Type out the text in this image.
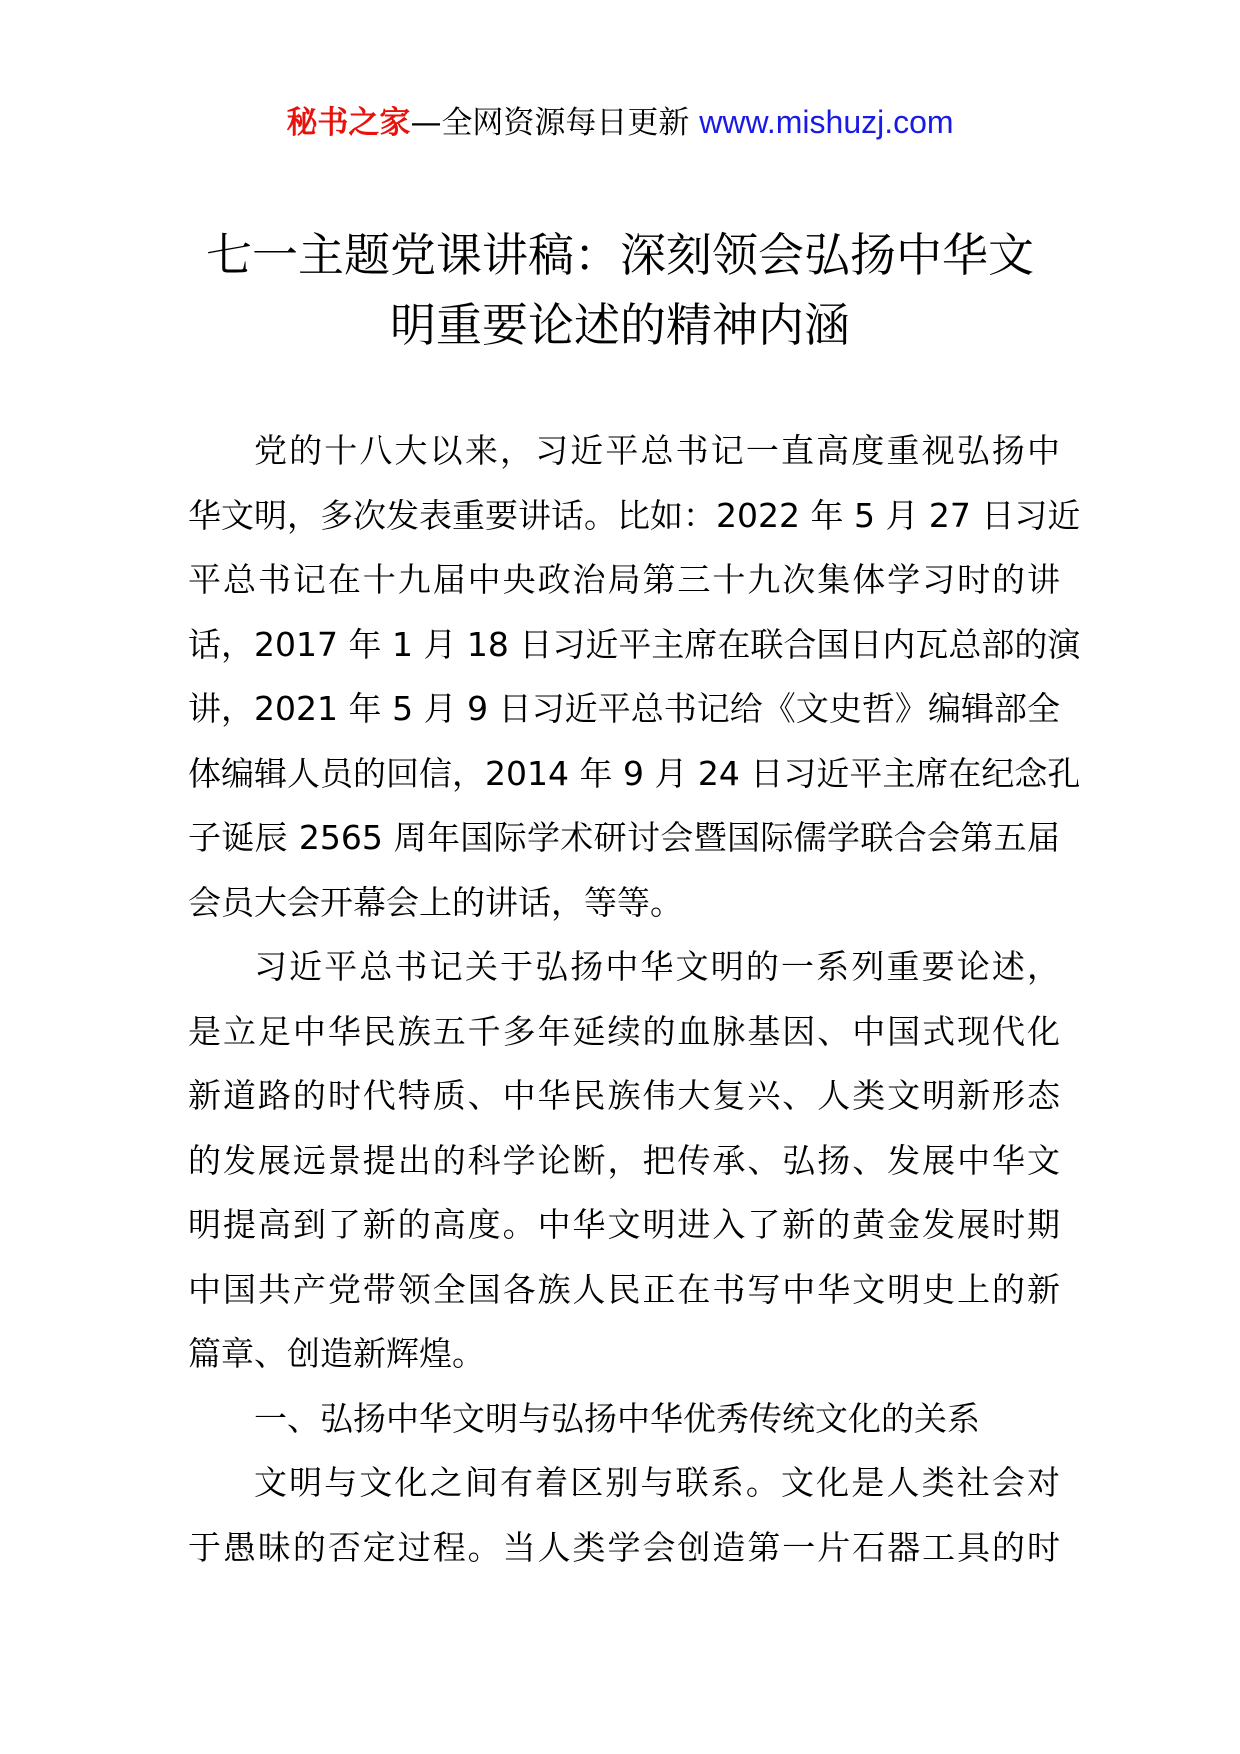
秘书之家—全网资源每日更新 www.mishuzj.com
七一主题党课讲稿：深刻领会弘扬中华文
明重要论述的精神内涵
党的十八大以来，习近平总书记一直高度重视弘扬中
华文明，多次发表重要讲话。比如：2022 年 5 月 27 日习近
平总书记在十九届中央政治局第三十九次集体学习时的讲
话，2017 年 1 月 18 日习近平主席在联合国日内瓦总部的演
讲，2021 年 5 月 9 日习近平总书记给《文史哲》编辑部全
体编辑人员的回信，2014 年 9 月 24 日习近平主席在纪念孔
子诞辰 2565 周年国际学术研讨会暨国际儒学联合会第五届
会员大会开幕会上的讲话，等等。
习近平总书记关于弘扬中华文明的一系列重要论述，
是立足中华民族五千多年延续的血脉基因、中国式现代化
新道路的时代特质、中华民族伟大复兴、人类文明新形态
的发展远景提出的科学论断，把传承、弘扬、发展中华文
明提高到了新的高度。中华文明进入了新的黄金发展时期
中国共产党带领全国各族人民正在书写中华文明史上的新
篇章、创造新辉煌。
一、弘扬中华文明与弘扬中华优秀传统文化的关系
文明与文化之间有着区别与联系。文化是人类社会对
于愚昧的否定过程。当人类学会创造第一片石器工具的时
